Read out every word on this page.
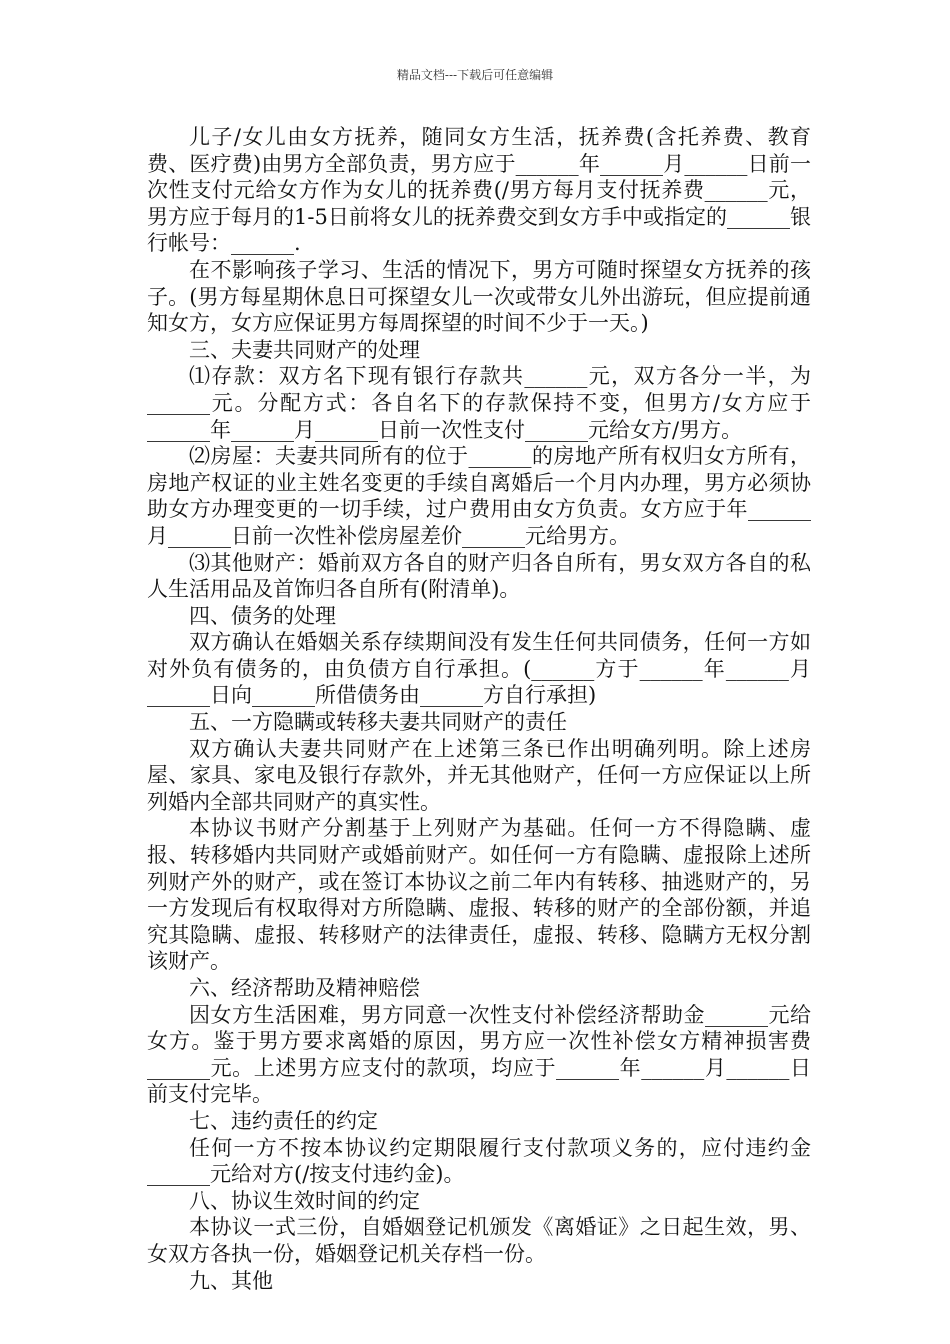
精品文档---下载后可任意编辑

儿子/女儿由女方抚养，随同女方生活，抚养费(含托养费、教育费、医疗费)由男方全部负责，男方应于______年______月______日前一次性支付元给女方作为女儿的抚养费(/男方每月支付抚养费______元，男方应于每月的1-5日前将女儿的抚养费交到女方手中或指定的______银行帐号：______.

在不影响孩子学习、生活的情况下，男方可随时探望女方抚养的孩子。(男方每星期休息日可探望女儿一次或带女儿外出游玩，但应提前通知女方，女方应保证男方每周探望的时间不少于一天。)

三、夫妻共同财产的处理

⑴存款：双方名下现有银行存款共______元，双方各分一半，为______元。分配方式：各自名下的存款保持不变，但男方/女方应于______年______月______日前一次性支付______元给女方/男方。

⑵房屋：夫妻共同所有的位于______的房地产所有权归女方所有，房地产权证的业主姓名变更的手续自离婚后一个月内办理，男方必须协助女方办理变更的一切手续，过户费用由女方负责。女方应于年______月______日前一次性补偿房屋差价______元给男方。

⑶其他财产：婚前双方各自的财产归各自所有，男女双方各自的私人生活用品及首饰归各自所有(附清单)。

四、债务的处理

双方确认在婚姻关系存续期间没有发生任何共同债务，任何一方如对外负有债务的，由负债方自行承担。(______方于______年______月______日向______所借债务由______方自行承担)

五、一方隐瞒或转移夫妻共同财产的责任

双方确认夫妻共同财产在上述第三条已作出明确列明。除上述房屋、家具、家电及银行存款外，并无其他财产，任何一方应保证以上所列婚内全部共同财产的真实性。

本协议书财产分割基于上列财产为基础。任何一方不得隐瞒、虚报、转移婚内共同财产或婚前财产。如任何一方有隐瞒、虚报除上述所列财产外的财产，或在签订本协议之前二年内有转移、抽逃财产的，另一方发现后有权取得对方所隐瞒、虚报、转移的财产的全部份额，并追究其隐瞒、虚报、转移财产的法律责任，虚报、转移、隐瞒方无权分割该财产。

六、经济帮助及精神赔偿

因女方生活困难，男方同意一次性支付补偿经济帮助金______元给女方。鉴于男方要求离婚的原因，男方应一次性补偿女方精神损害费______元。上述男方应支付的款项，均应于______年______月______日前支付完毕。

七、违约责任的约定

任何一方不按本协议约定期限履行支付款项义务的，应付违约金______元给对方(/按支付违约金)。

八、协议生效时间的约定

本协议一式三份，自婚姻登记机颁发《离婚证》之日起生效，男、女双方各执一份，婚姻登记机关存档一份。

九、其他
